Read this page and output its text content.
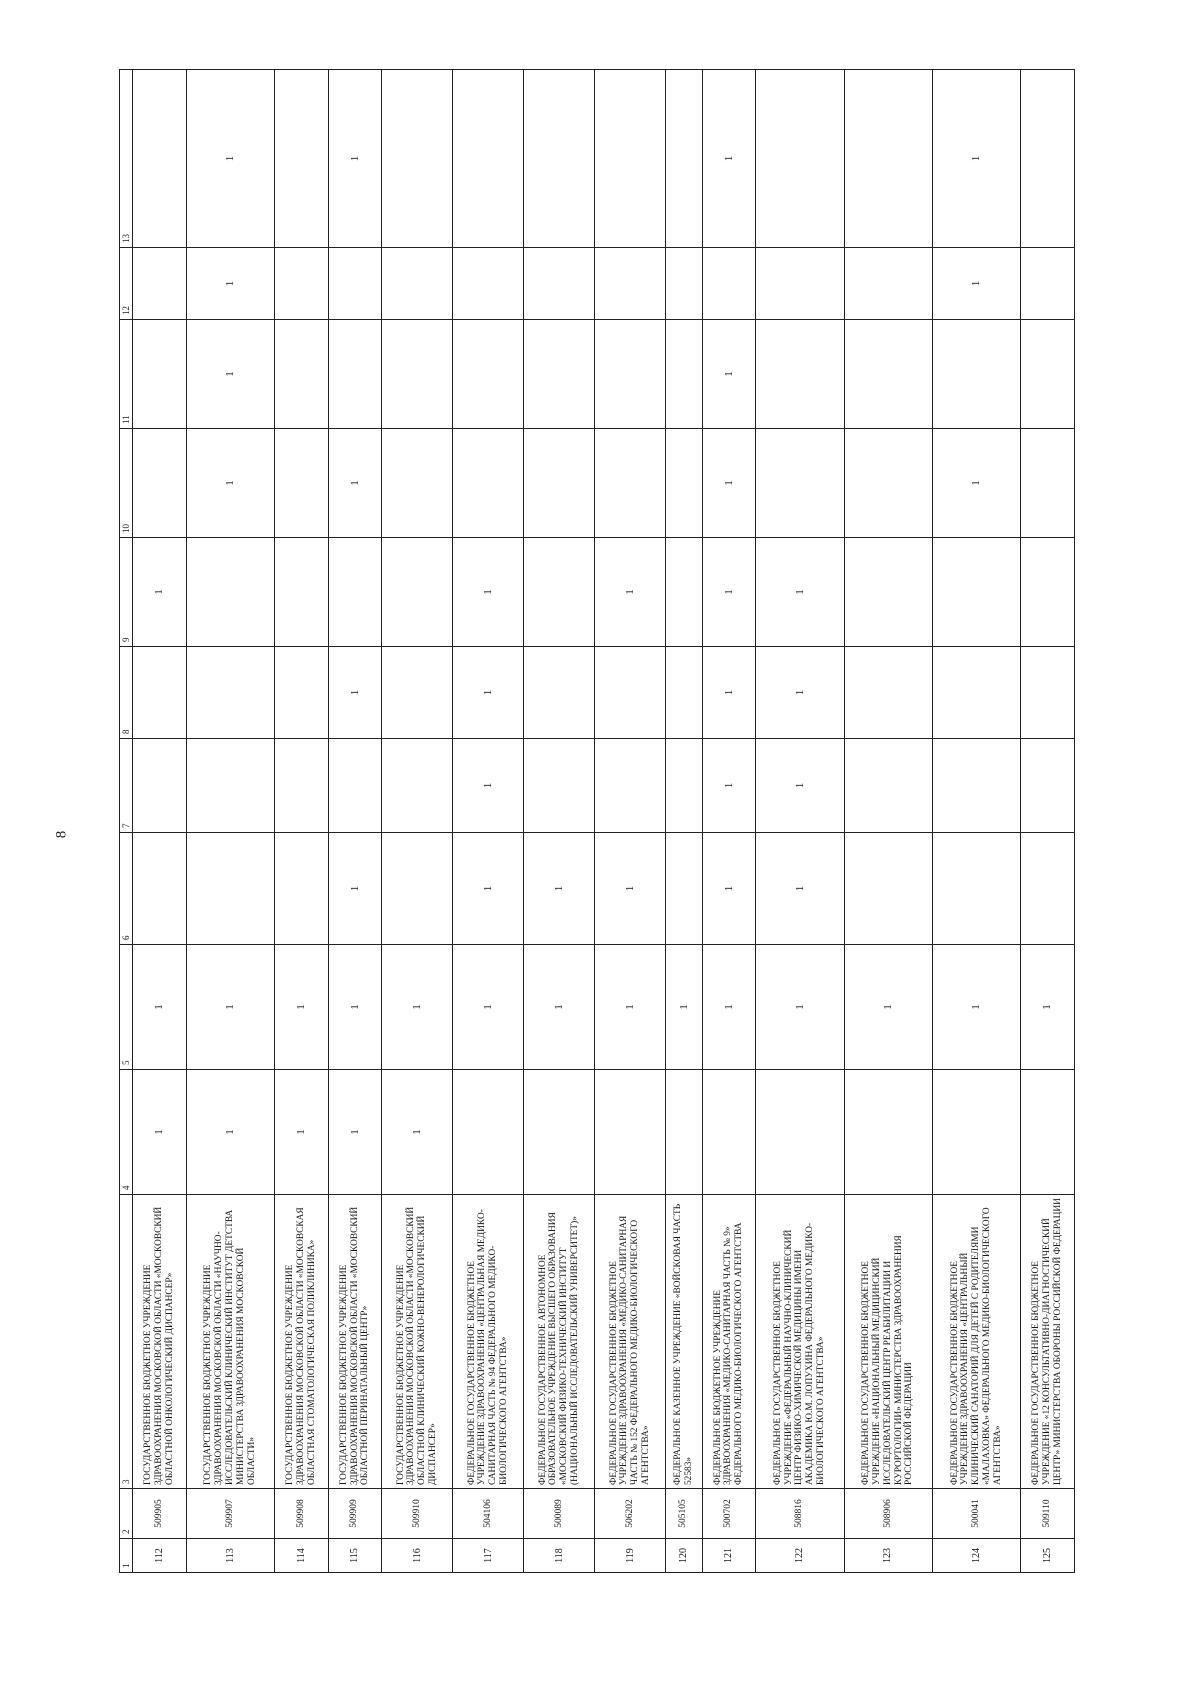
8
1	2	3	4	5	6	7	8	9	10	11	12	13
112	509905	ГОСУДАРСТВЕННОЕ БЮДЖЕТНОЕ УЧРЕЖДЕНИЕ ЗДРАВООХРАНЕНИЯ МОСКОВСКОЙ ОБЛАСТИ «МОСКОВСКИЙ ОБЛАСТНОЙ ОНКОЛОГИЧЕСКИЙ ДИСПАНСЕР»	1	1				1				
113	509907	ГОСУДАРСТВЕННОЕ БЮДЖЕТНОЕ УЧРЕЖДЕНИЕ ЗДРАВООХРАНЕНИЯ МОСКОВСКОЙ ОБЛАСТИ «НАУЧНО-ИССЛЕДОВАТЕЛЬСКИЙ КЛИНИЧЕСКИЙ ИНСТИТУТ ДЕТСТВА МИНИСТЕРСТВА ЗДРАВООХРАНЕНИЯ МОСКОВСКОЙ ОБЛАСТИ»	1	1					1	1	1	1
114	509908	ГОСУДАРСТВЕННОЕ БЮДЖЕТНОЕ УЧРЕЖДЕНИЕ ЗДРАВООХРАНЕНИЯ МОСКОВСКОЙ ОБЛАСТИ «МОСКОВСКАЯ ОБЛАСТНАЯ СТОМАТОЛОГИЧЕСКАЯ ПОЛИКЛИНИКА»	1	1								
115	509909	ГОСУДАРСТВЕННОЕ БЮДЖЕТНОЕ УЧРЕЖДЕНИЕ ЗДРАВООХРАНЕНИЯ МОСКОВСКОЙ ОБЛАСТИ «МОСКОВСКИЙ ОБЛАСТНОЙ ПЕРИНАТАЛЬНЫЙ ЦЕНТР»	1	1	1		1		1			1
116	509910	ГОСУДАРСТВЕННОЕ БЮДЖЕТНОЕ УЧРЕЖДЕНИЕ ЗДРАВООХРАНЕНИЯ МОСКОВСКОЙ ОБЛАСТИ «МОСКОВСКИЙ ОБЛАСТНОЙ КЛИНИЧЕСКИЙ КОЖНО-ВЕНЕРОЛОГИЧЕСКИЙ ДИСПАНСЕР»	1	1								
117	504106	ФЕДЕРАЛЬНОЕ ГОСУДАРСТВЕННОЕ БЮДЖЕТНОЕ УЧРЕЖДЕНИЕ ЗДРАВООХРАНЕНИЯ «ЦЕНТРАЛЬНАЯ МЕДИКО-САНИТАРНАЯ ЧАСТЬ № 94 ФЕДЕРАЛЬНОГО МЕДИКО-БИОЛОГИЧЕСКОГО АГЕНТСТВА»		1	1	1	1	1				
118	500089	ФЕДЕРАЛЬНОЕ ГОСУДАРСТВЕННОЕ АВТОНОМНОЕ ОБРАЗОВАТЕЛЬНОЕ УЧРЕЖДЕНИЕ ВЫСШЕГО ОБРАЗОВАНИЯ «МОСКОВСКИЙ ФИЗИКО-ТЕХНИЧЕСКИЙ ИНСТИТУТ (НАЦИОНАЛЬНЫЙ ИССЛЕДОВАТЕЛЬСКИЙ УНИВЕРСИТЕТ)»		1	1							
119	506202	ФЕДЕРАЛЬНОЕ ГОСУДАРСТВЕННОЕ БЮДЖЕТНОЕ УЧРЕЖДЕНИЕ ЗДРАВООХРАНЕНИЯ «МЕДИКО-САНИТАРНАЯ ЧАСТЬ № 152 ФЕДЕРАЛЬНОГО МЕДИКО-БИОЛОГИЧЕСКОГО АГЕНТСТВА»		1	1			1				
120	505105	ФЕДЕРАЛЬНОЕ КАЗЕННОЕ УЧРЕЖДЕНИЕ «ВОЙСКОВАЯ ЧАСТЬ 52583»		1								
121	500702	ФЕДЕРАЛЬНОЕ БЮДЖЕТНОЕ УЧРЕЖДЕНИЕ ЗДРАВООХРАНЕНИЯ «МЕДИКО-САНИТАРНАЯ ЧАСТЬ № 9» ФЕДЕРАЛЬНОГО МЕДИКО-БИОЛОГИЧЕСКОГО АГЕНТСТВА		1	1	1	1	1	1	1		1
122	508816	ФЕДЕРАЛЬНОЕ ГОСУДАРСТВЕННОЕ БЮДЖЕТНОЕ УЧРЕЖДЕНИЕ «ФЕДЕРАЛЬНЫЙ НАУЧНО-КЛИНИЧЕСКИЙ ЦЕНТР ФИЗИКО-ХИМИЧЕСКОЙ МЕДИЦИНЫ ИМЕНИ АКАДЕМИКА Ю.М. ЛОПУХИНА ФЕДЕРАЛЬНОГО МЕДИКО-БИОЛОГИЧЕСКОГО АГЕНТСТВА»		1	1	1	1	1				
123	508906	ФЕДЕРАЛЬНОЕ ГОСУДАРСТВЕННОЕ БЮДЖЕТНОЕ УЧРЕЖДЕНИЕ «НАЦИОНАЛЬНЫЙ МЕДИЦИНСКИЙ ИССЛЕДОВАТЕЛЬСКИЙ ЦЕНТР РЕАБИЛИТАЦИИ И КУРОРТОЛОГИИ» МИНИСТЕРСТВА ЗДРАВООХРАНЕНИЯ РОССИЙСКОЙ ФЕДЕРАЦИИ		1								
124	500041	ФЕДЕРАЛЬНОЕ ГОСУДАРСТВЕННОЕ БЮДЖЕТНОЕ УЧРЕЖДЕНИЕ ЗДРАВООХРАНЕНИЯ «ЦЕНТРАЛЬНЫЙ КЛИНИЧЕСКИЙ САНАТОРИЙ ДЛЯ ДЕТЕЙ С РОДИТЕЛЯМИ «МАЛАХОВКА» ФЕДЕРАЛЬНОГО МЕДИКО-БИОЛОГИЧЕСКОГО АГЕНТСТВА»		1					1		1	1
125	509110	ФЕДЕРАЛЬНОЕ ГОСУДАРСТВЕННОЕ БЮДЖЕТНОЕ УЧРЕЖДЕНИЕ «12 КОНСУЛЬТАТИВНО-ДИАГНОСТИЧЕСКИЙ ЦЕНТР» МИНИСТЕРСТВА ОБОРОНЫ РОССИЙСКОЙ ФЕДЕРАЦИИ		1								
